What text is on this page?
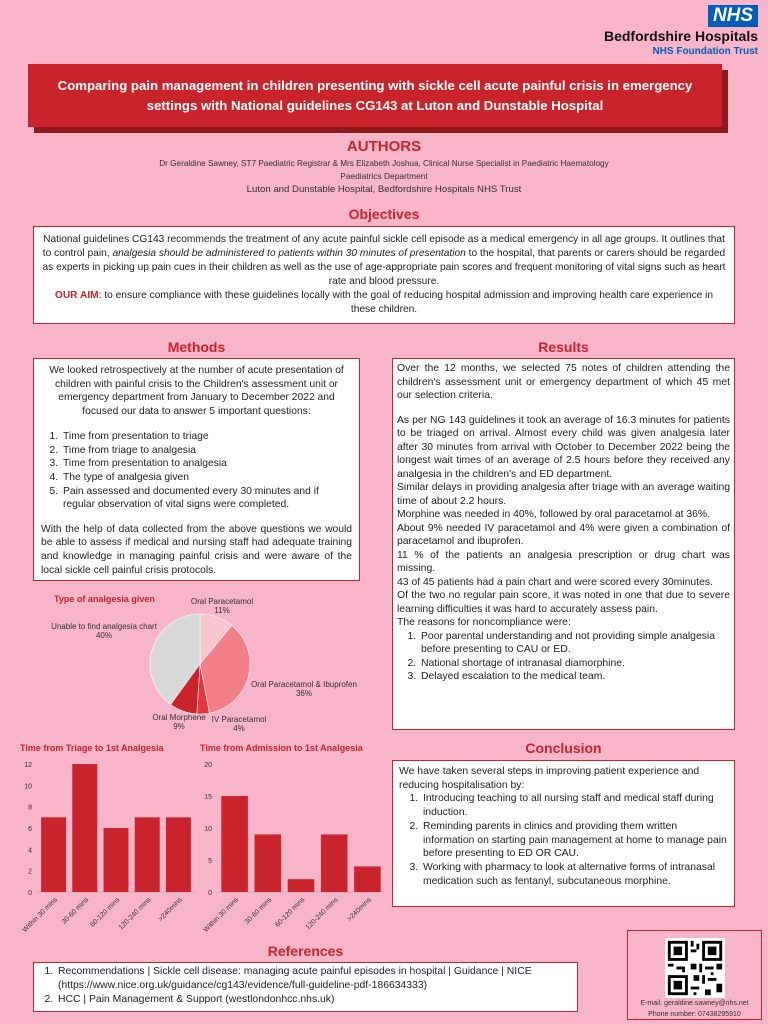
NHS
Bedfordshire Hospitals
NHS Foundation Trust
Comparing pain management in children presenting with sickle cell acute painful crisis in emergency settings with National guidelines CG143 at Luton and Dunstable Hospital
AUTHORS
Dr Geraldine Sawney, ST7 Paediatric Registrar & Mrs Elizabeth Joshua, Clinical Nurse Specialist in Paediatric Haematology
Paediatrics Department
Luton and Dunstable Hospital, Bedfordshire Hospitals NHS Trust
Objectives
National guidelines CG143 recommends the treatment of any acute painful sickle cell episode as a medical emergency in all age groups. It outlines that to control pain, analgesia should be administered to patients within 30 minutes of presentation to the hospital, that parents or carers should be regarded as experts in picking up pain cues in their children as well as the use of age-appropriate pain scores and frequent monitoring of vital signs such as heart rate and blood pressure.
OUR AIM: to ensure compliance with these guidelines locally with the goal of reducing hospital admission and improving health care experience in these children.
Methods

We looked retrospectively at the number of acute presentation of children with painful crisis to the Children's assessment unit or emergency department from January to December 2022 and focused our data to answer 5 important questions:

1. Time from presentation to triage
2. Time from triage to analgesia
3. Time from presentation to analgesia
4. The type of analgesia given
5. Pain assessed and documented every 30 minutes and if regular observation of vital signs were completed.

With the help of data collected from the above questions we would be able to assess if medical and nursing staff had adequate training and knowledge in managing painful crisis and were aware of the local sickle cell painful crisis protocols.

Results

Over the 12 months, we selected 75 notes of children attending the children's assessment unit or emergency department of which 45 met our selection criteria.

As per NG 143 guidelines it took an average of 16.3 minutes for patients to be triaged on arrival. Almost every child was given analgesia later after 30 minutes from arrival with October to December 2022 being the longest wait times of an average of 2.5 hours before they received any analgesia in the children's and ED department.

Similar delays in providing analgesia after triage with an average waiting time of about 2.2 hours.

Morphine was needed in 40%, followed by oral paracetamol at 36%.

About 9% needed IV paracetamol and 4% were given a combination of paracetamol and ibuprofen.

11 % of the patients an analgesia prescription or drug chart was missing.

43 of 45 patients had a pain chart and were scored every 30minutes.

Of the two no regular pain score, it was noted in one that due to severe learning difficulties it was hard to accurately assess pain.

The reasons for noncompliance were:

1. Poor parental understanding and not providing simple analgesia before presenting to CAU or ED.
2. National shortage of intranasal diamorphine.
3. Delayed escalation to the medical team.
Type of analgesia given	Oral Paracetamol
11%
Oral Paracetamol & Ibuprofen
36%
IV Paracetamol
4%
Oral Morphene
9%
Unable to find analgesia chart
40%
Time from Triage to 1st Analgesia
0
2
4
6
8
10
12
Within 30 mins 30-60 mins 60-120 mins
120-240 mins >240mins
Time from Admission to 1st Analgesia
0
5
10
15
20
Within 30 mins 30-60 mins 60-120 mins
120-240 mins >240mins
Conclusion

We have taken several steps in improving patient experience and reducing hospitalisation by:

1. Introducing teaching to all nursing staff and medical staff during induction.
2. Reminding parents in clinics and providing them written information on starting pain management at home to manage pain before presenting to ED OR CAU.
3. Working with pharmacy to look at alternative forms of intranasal medication such as fentanyl, subcutaneous morphine.
References
1. Recommendations | Sickle cell disease: managing acute painful episodes in hospital | Guidance | NICE (https://www.nice.org.uk/guidance/cg143/evidence/full-guideline-pdf-186634333)
2. HCC | Pain Management & Support (westlondonhcc.nhs.uk)	E-mail: geraldine.sawney@nhs.net
Phone number: 07438295910
